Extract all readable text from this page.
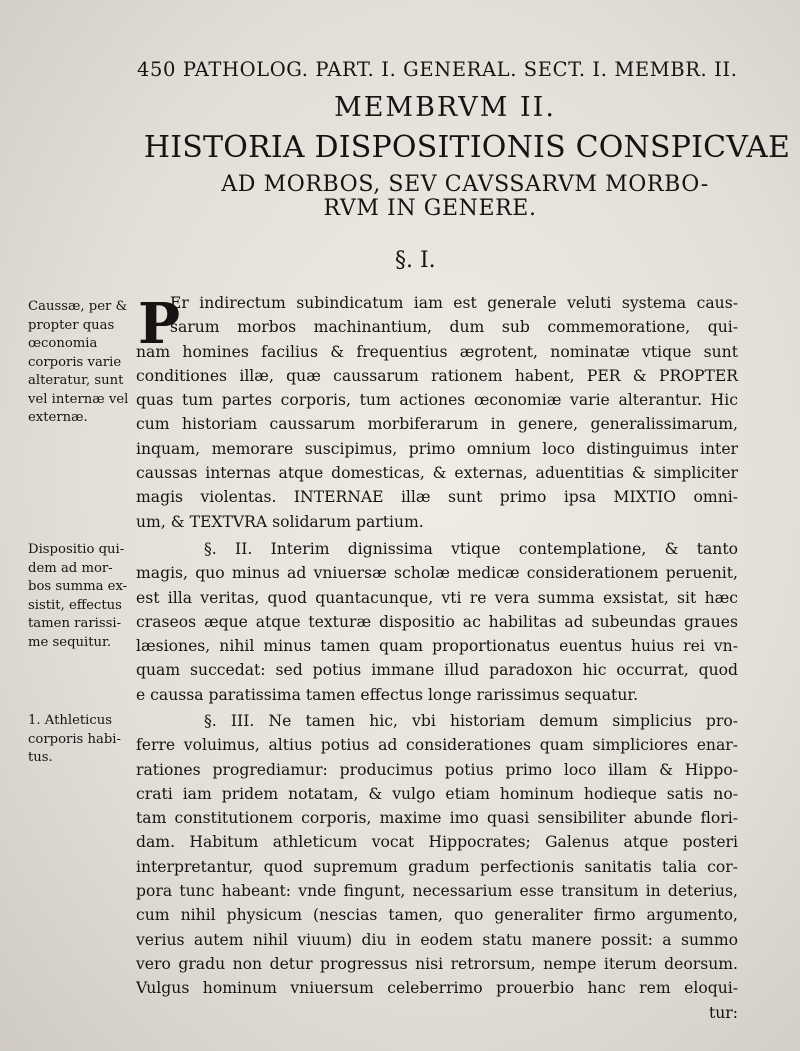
450 PATHOLOG. PART. I. GENERAL. SECT. I. MEMBR. II.
MEMBRVM II.
HISTORIA DISPOSITIONIS CONSPICVAE
AD MORBOS, SEV CAVSSARVM MORBO-
RVM IN GENERE.
§. I.
Caussæ, per &
propter quas
œconomia
corporis varie
alteratur, sunt
vel internæ vel
externæ.
Dispositio qui-
dem ad mor-
bos summa ex-
sistit, effectus
tamen rarissi-
me sequitur.
1. Athleticus
corporis habi-
tus.
P
Er indirectum subindicatum iam est generale veluti systema caus-
sarum morbos machinantium, dum sub commemoratione, qui-
nam homines facilius & frequentius ægrotent, nominatæ vtique sunt
conditiones illæ, quæ caussarum rationem habent, PER & PROPTER
quas tum partes corporis, tum actiones œconomiæ varie alterantur. Hic
cum historiam caussarum morbiferarum in genere, generalissimarum,
inquam, memorare suscipimus, primo omnium loco distinguimus inter
caussas internas atque domesticas, & externas, aduentitias & simpliciter
magis violentas. INTERNAE illæ sunt primo ipsa MIXTIO omni-
um, & TEXTVRA solidarum partium.
§. II. Interim dignissima vtique contemplatione, & tanto
magis, quo minus ad vniuersæ scholæ medicæ considerationem peruenit,
est illa veritas, quod quantacunque, vti re vera summa exsistat, sit hæc
craseos æque atque texturæ dispositio ac habilitas ad subeundas graues
læsiones, nihil minus tamen quam proportionatus euentus huius rei vn-
quam succedat: sed potius immane illud paradoxon hic occurrat, quod
e caussa paratissima tamen effectus longe rarissimus sequatur.
§. III. Ne tamen hic, vbi historiam demum simplicius pro-
ferre voluimus, altius potius ad considerationes quam simpliciores enar-
rationes progrediamur: producimus potius primo loco illam & Hippo-
crati iam pridem notatam, & vulgo etiam hominum hodieque satis no-
tam constitutionem corporis, maxime imo quasi sensibiliter abunde flori-
dam. Habitum athleticum vocat Hippocrates; Galenus atque posteri
interpretantur, quod supremum gradum perfectionis sanitatis talia cor-
pora tunc habeant: vnde fingunt, necessarium esse transitum in deterius,
cum nihil physicum (nescias tamen, quo generaliter firmo argumento,
verius autem nihil viuum) diu in eodem statu manere possit: a summo
vero gradu non detur progressus nisi retrorsum, nempe iterum deorsum.
Vulgus hominum vniuersum celeberrimo prouerbio hanc rem eloqui-
tur:
